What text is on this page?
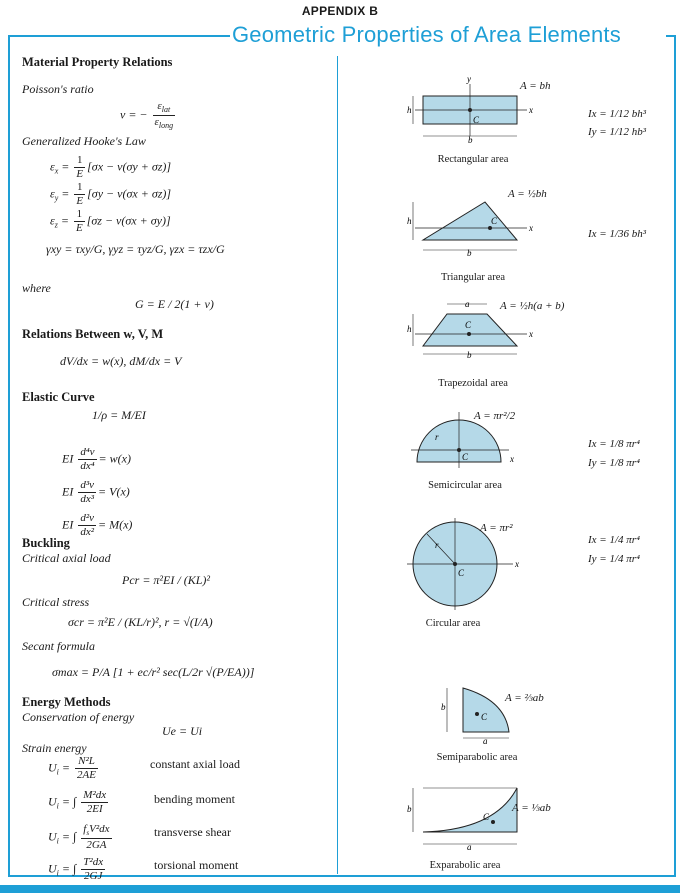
APPENDIX B
Geometric Properties of Area Elements
Material Property Relations
Poisson's ratio
ν = − $\frac{\varepsilon_{lat}}{\varepsilon_{long}}$
Generalized Hooke's Law
$\varepsilon_x = \frac{1}{E} [\sigma x - \nu(\sigma y + \sigma z)]$
$\varepsilon_y = \frac{1}{E} [\sigma y - \nu(\sigma x + \sigma z)]$
$\varepsilon_z = \frac{1}{E} [\sigma z - \nu(\sigma x + \sigma y)]$
γxy = τxy/G, γyz = τyz/G, γzx = τzx/G
where
G = E / 2(1 + ν)
Relations Between w, V, M
dV/dx = w(x), dM/dx = V
Elastic Curve
1/ρ = M/EI
EI $\frac{\text{d⁴v}}{\text{dx⁴}} = w(x)$
EI $\frac{\text{d³v}}{\text{dx³}} = V(x)$
EI $\frac{\text{d²v}}{\text{dx²}} = M(x)$
Buckling
Critical axial load
Pcr = π²EI / (KL)²
Critical stress
σcr = π²E / (KL/r)², r = √(I/A)
Secant formula
σmax = P/A [1 + ec/r² sec(L/2r √(P/EA))]
Energy Methods
Conservation of energy
Ue = Ui
Strain energy
$U_i = \frac{\text{N²L}}{2AE}$	constant axial load
$U_i$ = ∫ $\frac{\text{M²dx}}{2EI}$	bending moment
$U_i$ = ∫ $\frac{f_sV^2dx}{2GA}$	transverse shear
$U_i$ = ∫ $\frac{\text{T²dx}}{2GJ}$	torsional moment
h
b
C
y
x
A = bh
Ix = 1/12 bh³
Iy = 1/12 hb³
Rectangular area
h
b
C
x
A = ½bh
Ix = 1/36 bh³
Triangular area
h
a
b
C
x
A = ½h(a + b)
Trapezoidal area
C
r
x
A = πr²/2
Ix = 1/8 πr⁴
Iy = 1/8 πr⁴
Semicircular area
C
r
x
A = πr²
Ix = 1/4 πr⁴
Iy = 1/4 πr⁴
Circular area
b
C
a
A = ⅔ab
Semiparabolic area
b
C
a
A = ⅓ab
Exparabolic area
